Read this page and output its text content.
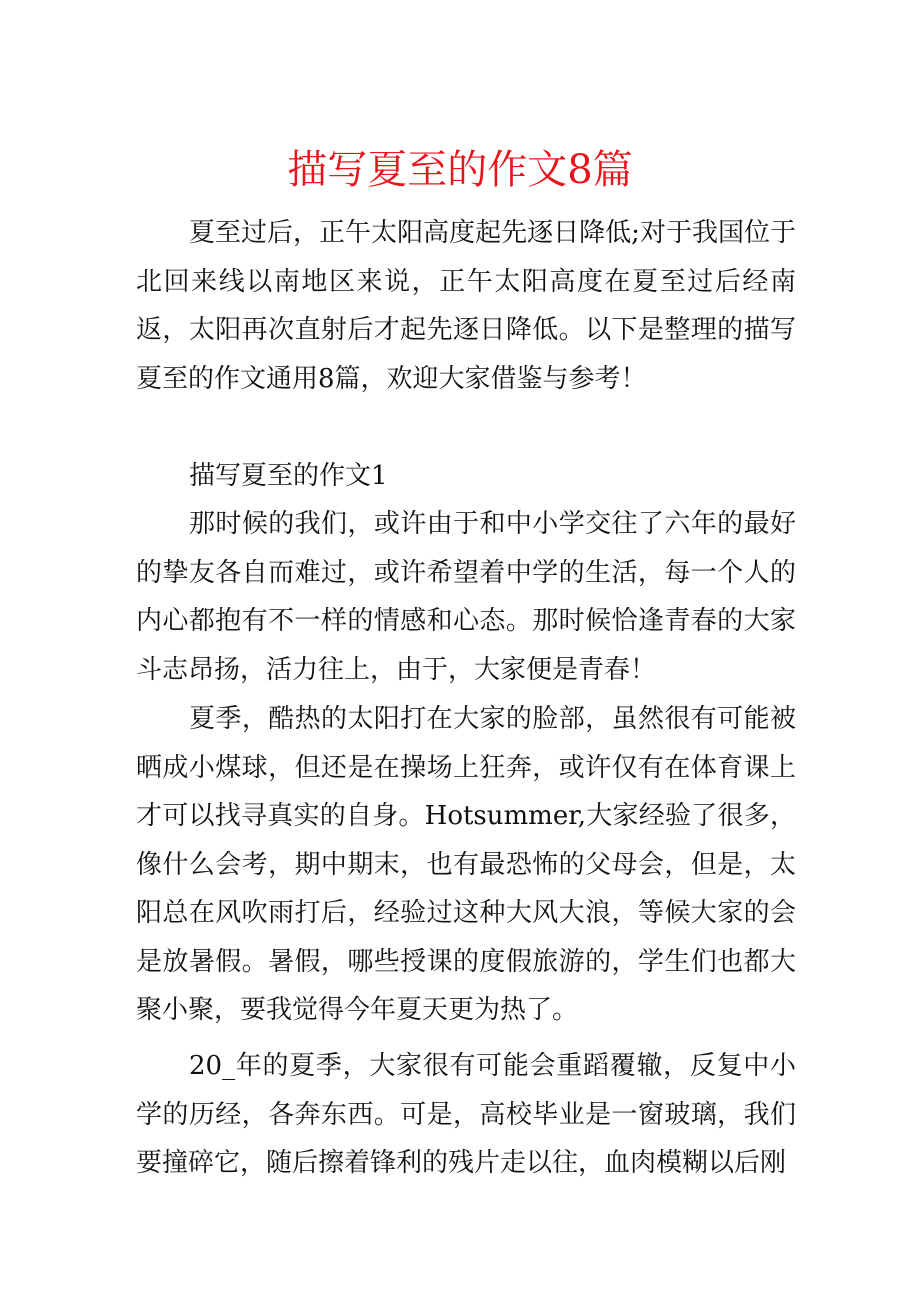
描写夏至的作文8篇

夏至过后，正午太阳高度起先逐日降低;对于我国位于北回来线以南地区来说，正午太阳高度在夏至过后经南返，太阳再次直射后才起先逐日降低。以下是整理的描写夏至的作文通用8篇，欢迎大家借鉴与参考！

描写夏至的作文1

那时候的我们，或许由于和中小学交往了六年的最好的挚友各自而难过，或许希望着中学的生活，每一个人的内心都抱有不一样的情感和心态。那时候恰逢青春的大家斗志昂扬，活力往上，由于，大家便是青春！

夏季，酷热的太阳打在大家的脸部，虽然很有可能被晒成小煤球，但还是在操场上狂奔，或许仅有在体育课上才可以找寻真实的自身。Hotsummer,大家经验了很多，像什么会考，期中期末，也有最恐怖的父母会，但是，太阳总在风吹雨打后，经验过这种大风大浪，等候大家的会是放暑假。暑假，哪些授课的度假旅游的，学生们也都大聚小聚，要我觉得今年夏天更为热了。

20_年的夏季，大家很有可能会重蹈覆辙，反复中小学的历经，各奔东西。可是，高校毕业是一窗玻璃，我们要撞碎它，随后擦着锋利的残片走以往，血肉模糊以后刚
